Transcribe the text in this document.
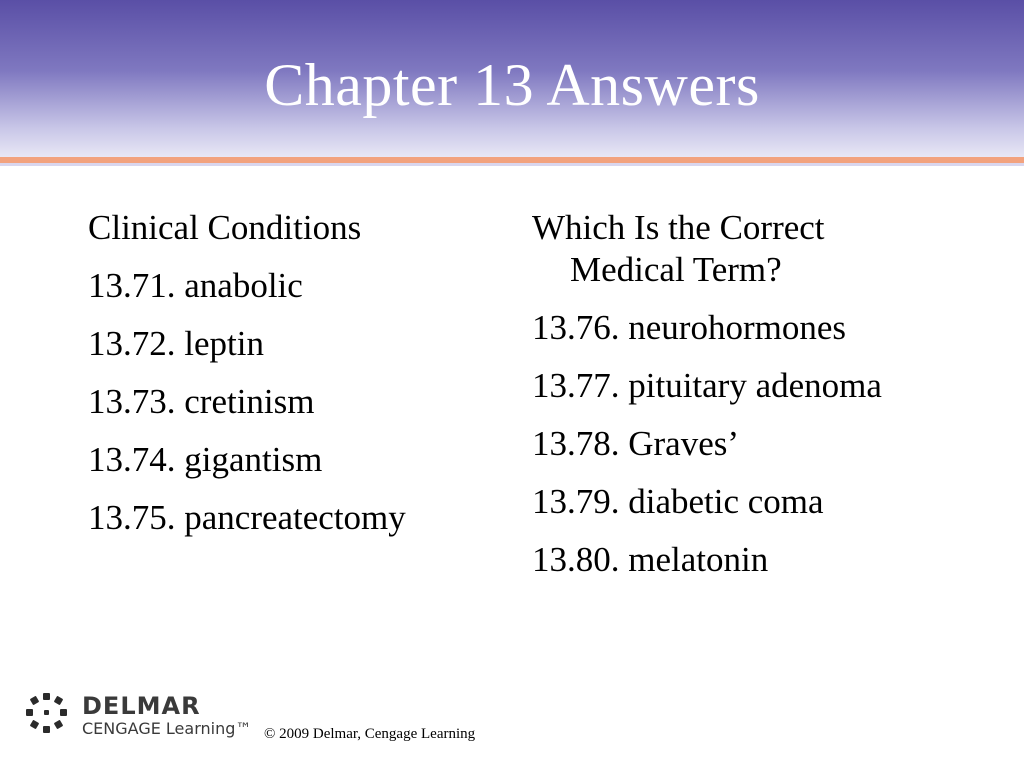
Chapter 13 Answers
Clinical Conditions
13.71. anabolic
13.72. leptin
13.73. cretinism
13.74. gigantism
13.75. pancreatectomy
Which Is the Correct
Medical Term?
13.76. neurohormones
13.77. pituitary adenoma
13.78. Graves’
13.79. diabetic coma
13.80. melatonin
DELMAR
CENGAGE Learning™ © 2009 Delmar, Cengage Learning
